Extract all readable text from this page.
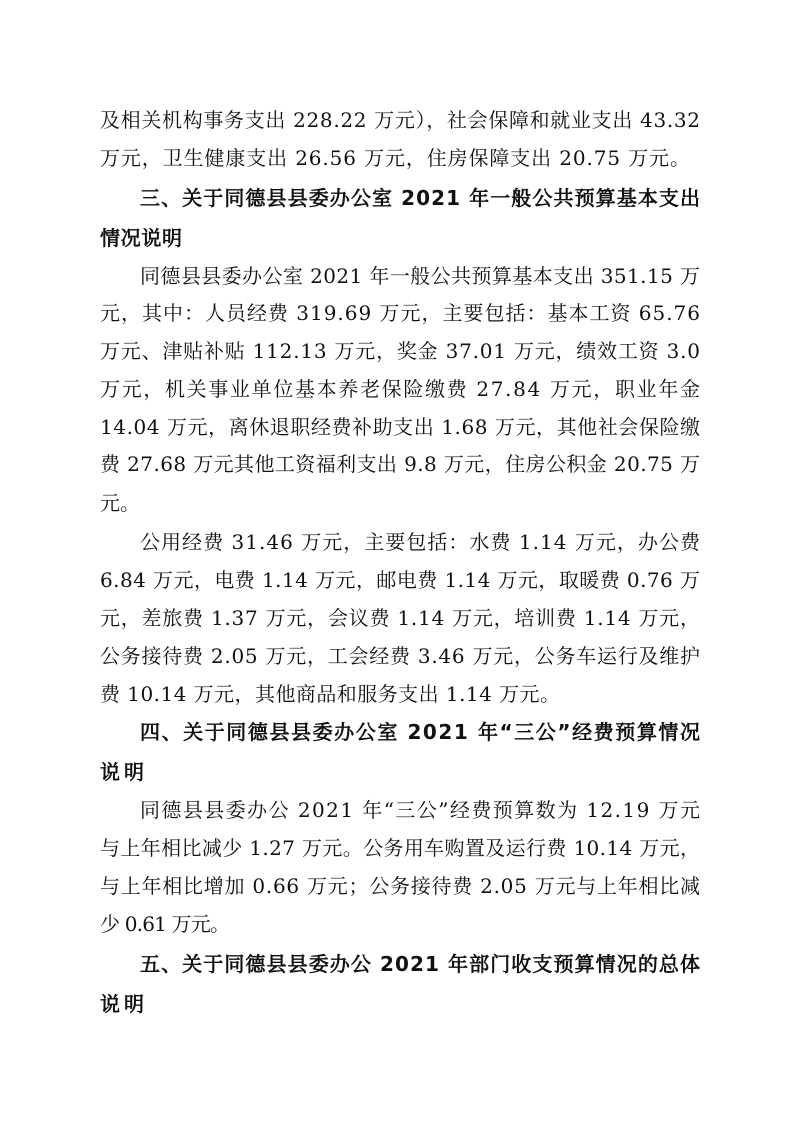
及相关机构事务支出 228.22 万元），社会保障和就业支出 43.32

万元，卫生健康支出 26.56 万元，住房保障支出 20.75 万元。

三、关于同德县县委办公室 2021 年一般公共预算基本支出

情况说明

同德县县委办公室 2021 年一般公共预算基本支出 351.15 万

元，其中：人员经费 319.69 万元，主要包括：基本工资 65.76

万元、津贴补贴 112.13 万元，奖金 37.01 万元，绩效工资 3.0

万元，机关事业单位基本养老保险缴费 27.84 万元，职业年金

14.04 万元，离休退职经费补助支出 1.68 万元，其他社会保险缴

费 27.68 万元其他工资福利支出 9.8 万元，住房公积金 20.75 万

元。

公用经费 31.46 万元，主要包括：水费 1.14 万元，办公费

6.84 万元，电费 1.14 万元，邮电费 1.14 万元，取暖费 0.76 万

元，差旅费 1.37 万元，会议费 1.14 万元，培训费 1.14 万元，

公务接待费 2.05 万元，工会经费 3.46 万元，公务车运行及维护

费 10.14 万元，其他商品和服务支出 1.14 万元。

四、关于同德县县委办公室 2021 年“三公”经费预算情况

说明

同德县县委办公 2021 年“三公”经费预算数为 12.19 万元

与上年相比减少 1.27 万元。公务用车购置及运行费 10.14 万元，

与上年相比增加 0.66 万元；公务接待费 2.05 万元与上年相比减

少 0.61 万元。

五、关于同德县县委办公 2021 年部门收支预算情况的总体

说明
